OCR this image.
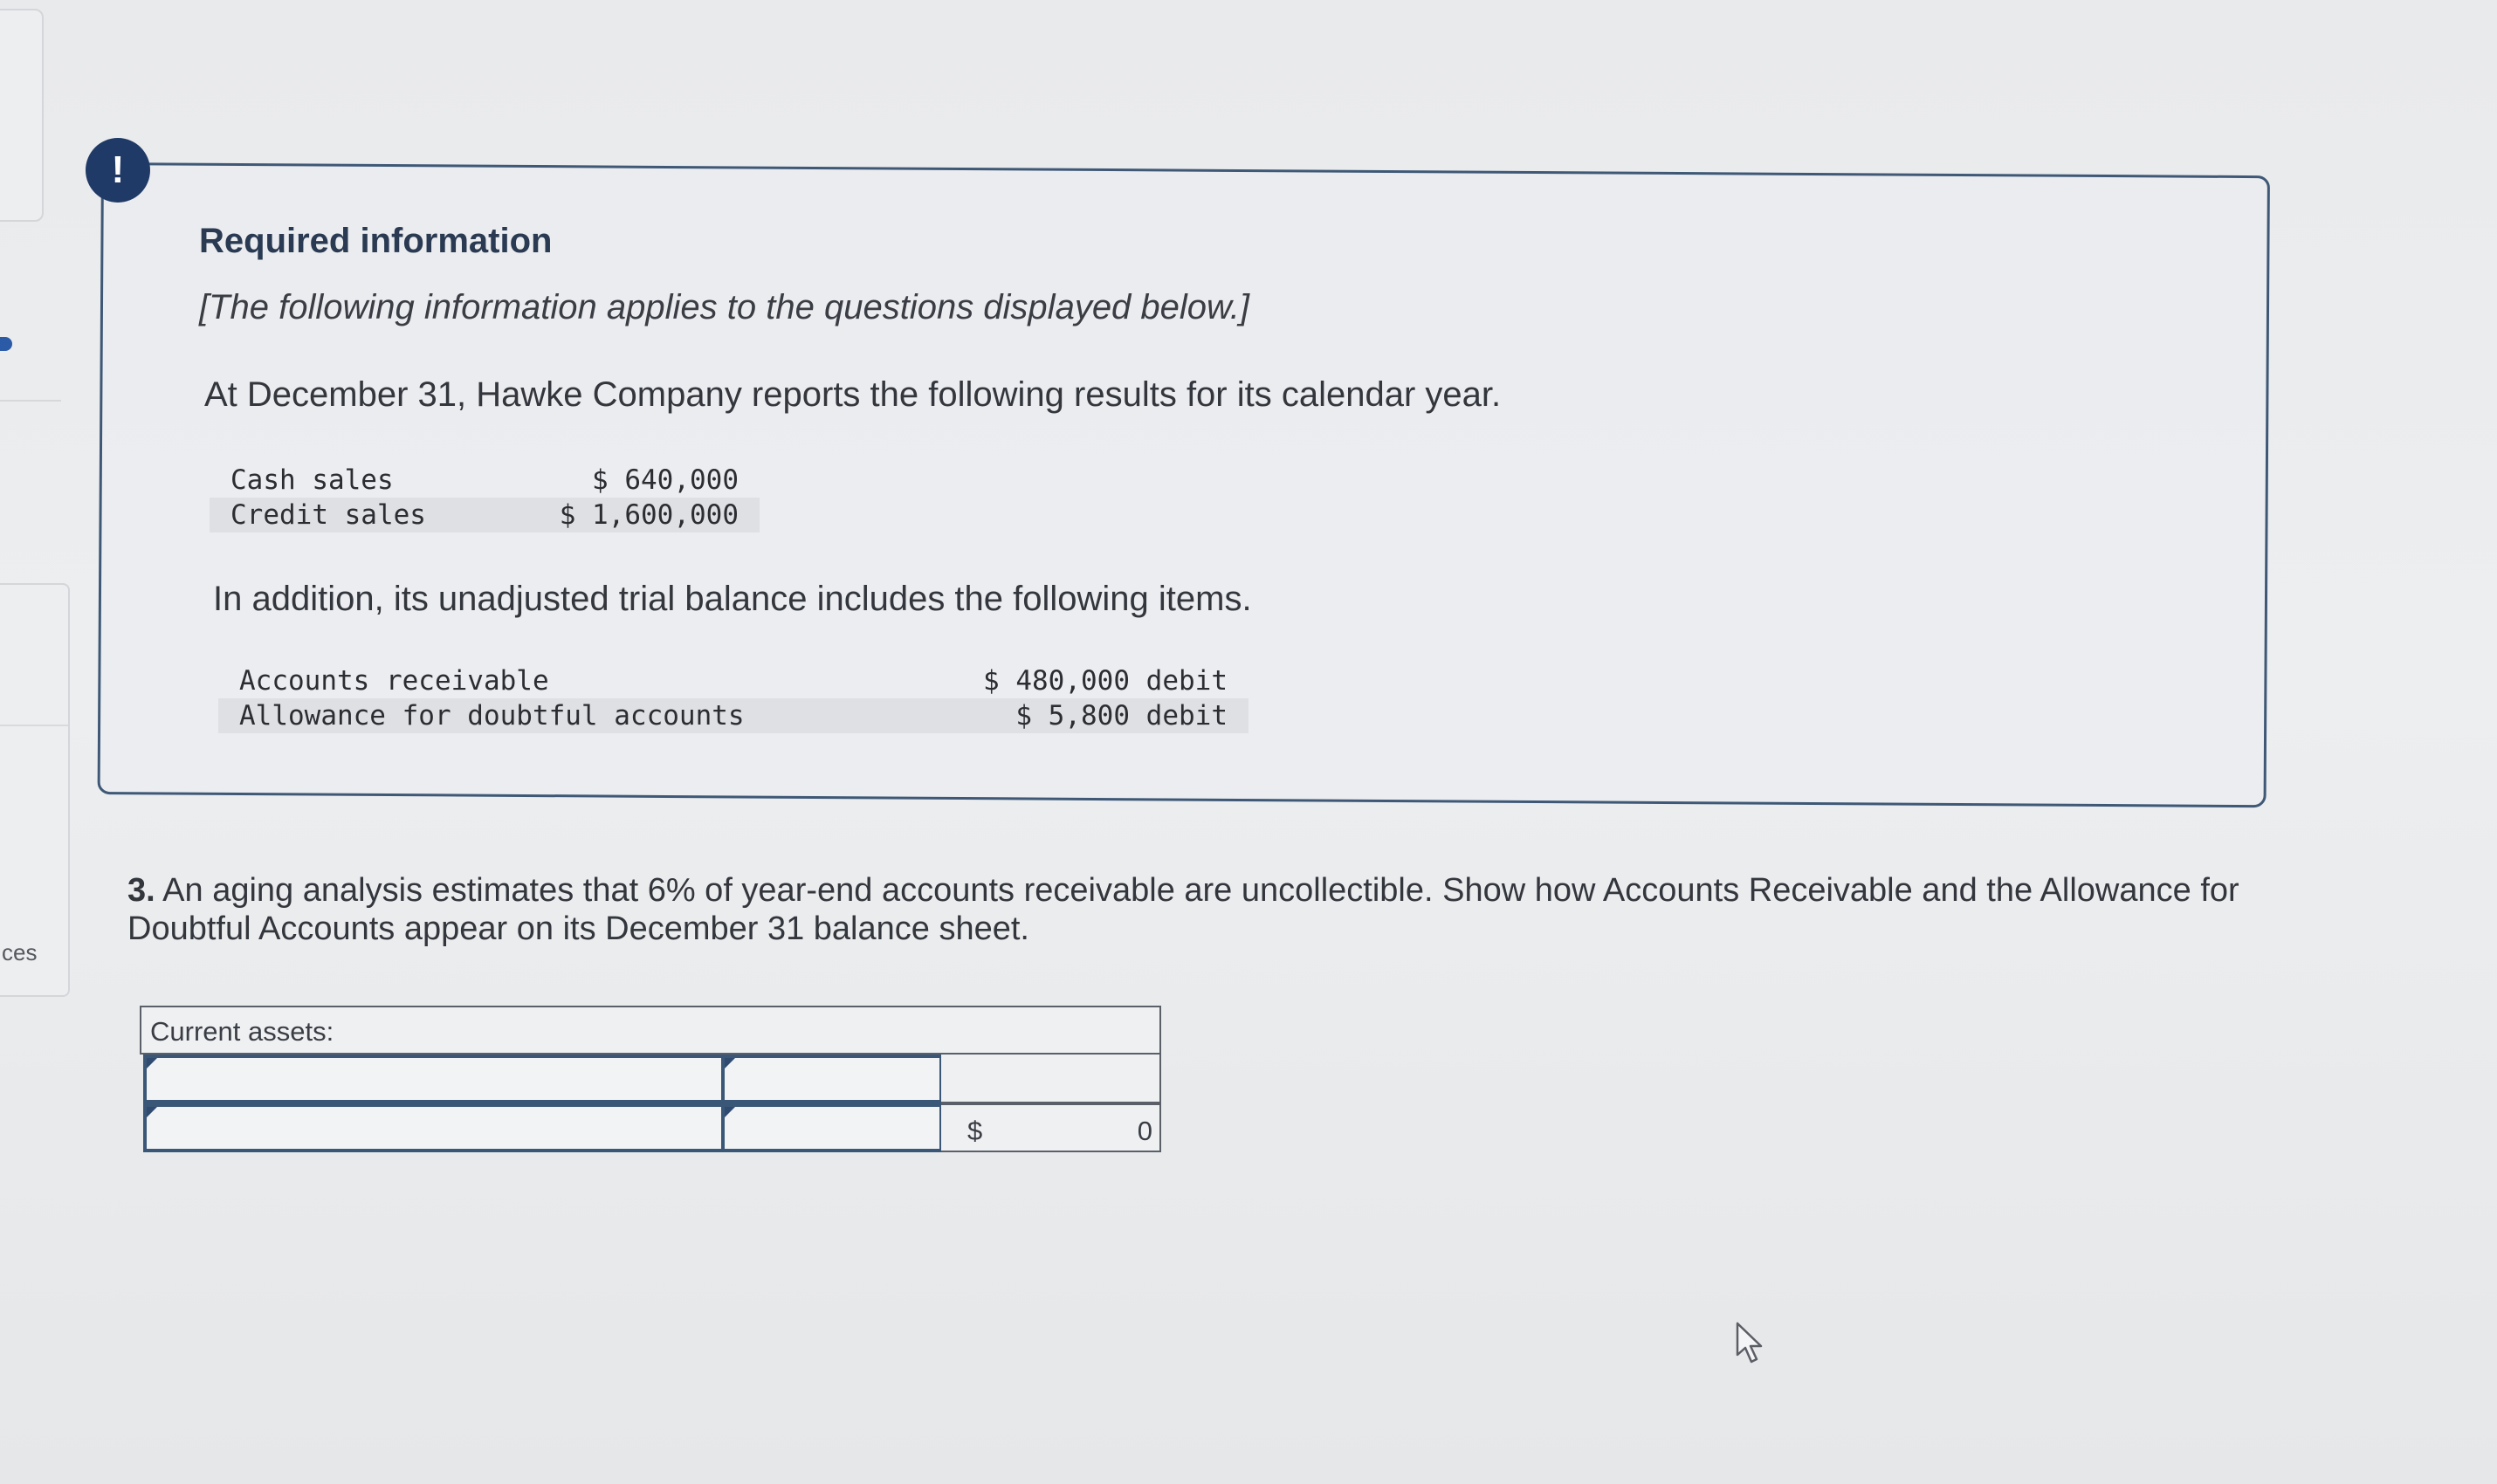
ces
!
Required information
[The following information applies to the questions displayed below.]
At December 31, Hawke Company reports the following results for its calendar year.
Cash sales	$ 640,000
Credit sales	$ 1,600,000
In addition, its unadjusted trial balance includes the following items.
Accounts receivable	$ 480,000 debit
Allowance for doubtful accounts	$ 5,800 debit
3. An aging analysis estimates that 6% of year-end accounts receivable are uncollectible. Show how Accounts Receivable and the Allowance for Doubtful Accounts appear on its December 31 balance sheet.
Current assets:
$	0
